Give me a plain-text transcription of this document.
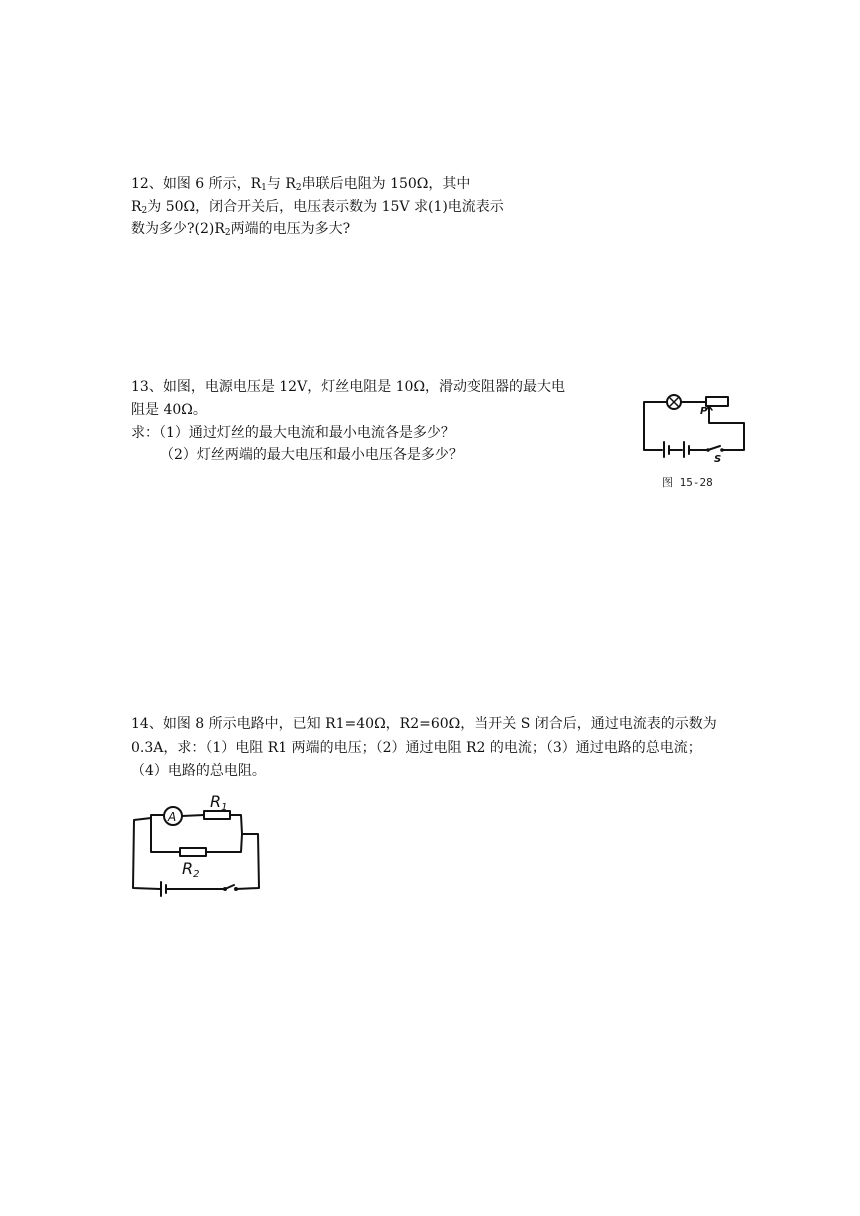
12、如图 6 所示，$R_1$与 $R_2$串联后电阻为 150Ω，其中
$R_2$为 50Ω，闭合开关后，电压表示数为 15V 求(1)电流表示
数为多少$?(2)R_2$两端的电压为多大?
13、如图，电源电压是 12V，灯丝电阻是 10Ω，滑动变阻器的最大电
阻是 40Ω。
求：（1）通过灯丝的最大电流和最小电流各是多少？
（2）灯丝两端的最大电压和最小电压各是多少？
P
S
图 15-28
14、如图 8 所示电路中，已知 R1=40Ω，R2=60Ω，当开关 S 闭合后，通过电流表的示数为
0.3A，求：（1）电阻 R1 两端的电压；（2）通过电阻 R2 的电流；（3）通过电路的总电流；
（4）电路的总电阻。
A
R1
R2
